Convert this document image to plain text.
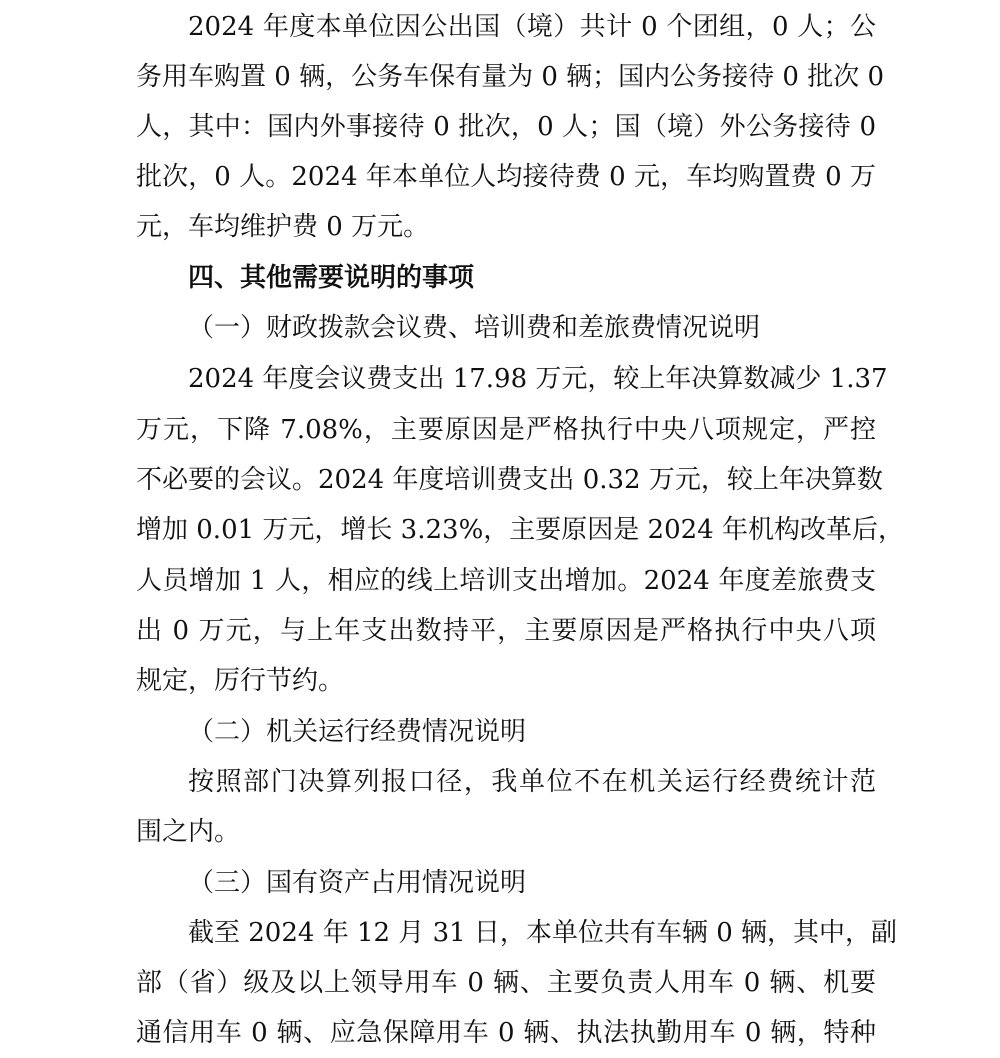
2024 年度本单位因公出国（境）共计 0 个团组，0 人；公
务用车购置 0 辆，公务车保有量为 0 辆；国内公务接待 0 批次 0
人，其中：国内外事接待 0 批次，0 人；国（境）外公务接待 0
批次，0 人。2024 年本单位人均接待费 0 元，车均购置费 0 万
元，车均维护费 0 万元。
四、其他需要说明的事项
（一）财政拨款会议费、培训费和差旅费情况说明
2024 年度会议费支出 17.98 万元，较上年决算数减少 1.37
万元，下降 7.08%，主要原因是严格执行中央八项规定，严控
不必要的会议。2024 年度培训费支出 0.32 万元，较上年决算数
增加 0.01 万元，增长 3.23%，主要原因是 2024 年机构改革后，
人员增加 1 人，相应的线上培训支出增加。2024 年度差旅费支
出 0 万元，与上年支出数持平，主要原因是严格执行中央八项
规定，厉行节约。
（二）机关运行经费情况说明
按照部门决算列报口径，我单位不在机关运行经费统计范
围之内。
（三）国有资产占用情况说明
截至 2024 年 12 月 31 日，本单位共有车辆 0 辆，其中，副
部（省）级及以上领导用车 0 辆、主要负责人用车 0 辆、机要
通信用车 0 辆、应急保障用车 0 辆、执法执勤用车 0 辆，特种
